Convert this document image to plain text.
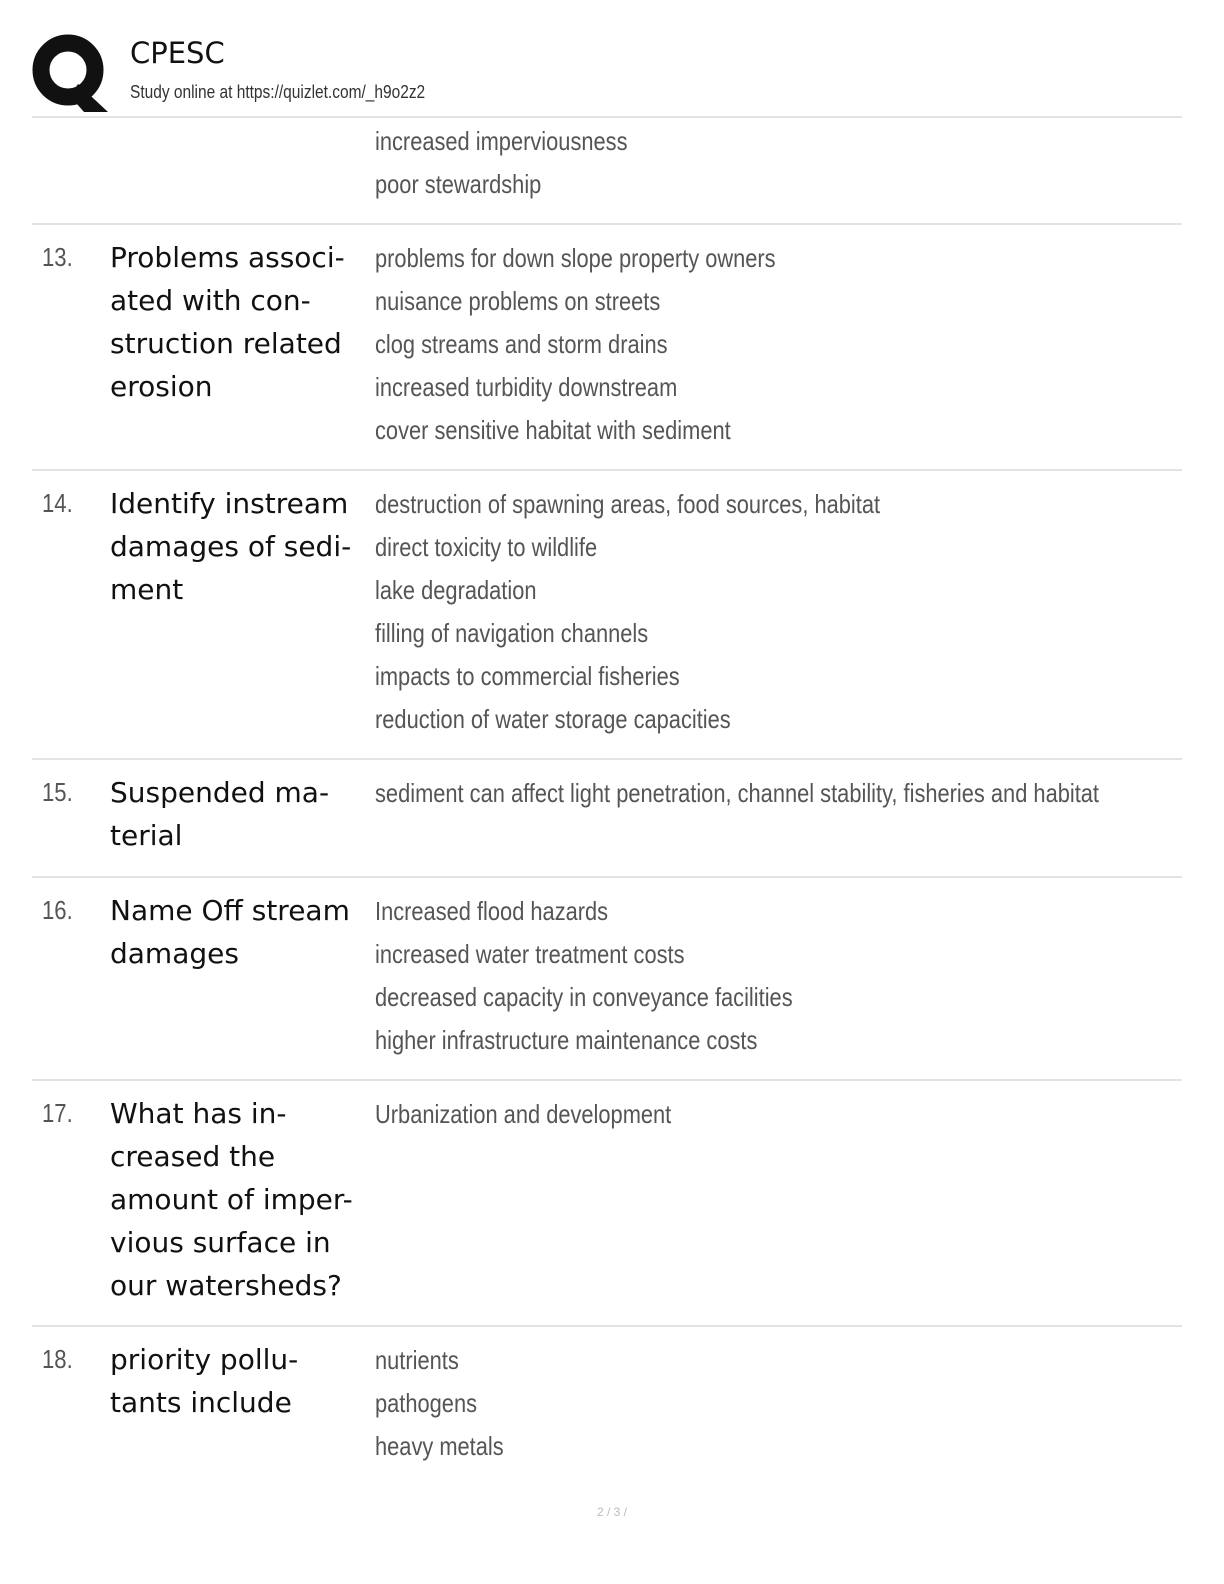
CPESC
Study online at https://quizlet.com/_h9o2z2
increased imperviousness
poor stewardship
13. Problems associ-
ated with con-
struction related
erosion
problems for down slope property owners
nuisance problems on streets
clog streams and storm drains
increased turbidity downstream
cover sensitive habitat with sediment
14. Identify instream
damages of sedi-
ment
destruction of spawning areas, food sources, habitat
direct toxicity to wildlife
lake degradation
filling of navigation channels
impacts to commercial fisheries
reduction of water storage capacities
15. Suspended ma-
terial
sediment can affect light penetration, channel stability, fisheries and habitat
16. Name Off stream
damages
Increased flood hazards
increased water treatment costs
decreased capacity in conveyance facilities
higher infrastructure maintenance costs
17. What has in-
creased the
amount of imper-
vious surface in
our watersheds?
Urbanization and development
18. priority pollu-
tants include
nutrients
pathogens
heavy metals
2 / 3 /
